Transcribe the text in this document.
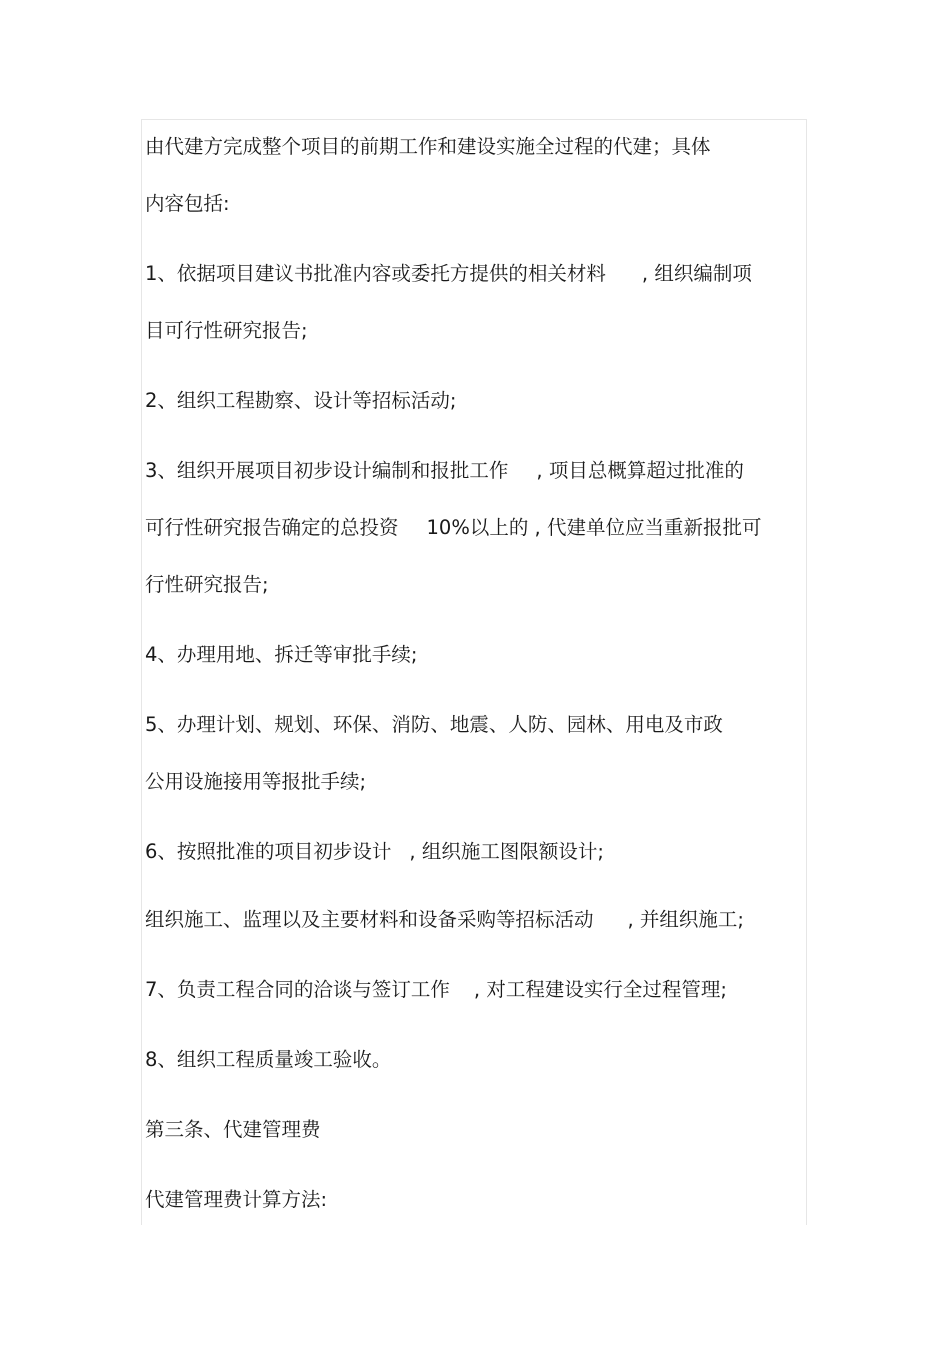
由代建方完成整个项目的前期工作和建设实施全过程的代建；具体

内容包括:

1、依据项目建议书批准内容或委托方提供的相关材料 , 组织编制项

目可行性研究报告;

2、组织工程勘察、设计等招标活动;

3、组织开展项目初步设计编制和报批工作 , 项目总概算超过批准的

可行性研究报告确定的总投资 10%以上的 , 代建单位应当重新报批可

行性研究报告;

4、办理用地、拆迁等审批手续;

5、办理计划、规划、环保、消防、地震、人防、园林、用电及市政

公用设施接用等报批手续;

6、按照批准的项目初步设计 , 组织施工图限额设计;

组织施工、监理以及主要材料和设备采购等招标活动 , 并组织施工;

7、负责工程合同的洽谈与签订工作 , 对工程建设实行全过程管理;

8、组织工程质量竣工验收。

第三条、代建管理费

代建管理费计算方法:
